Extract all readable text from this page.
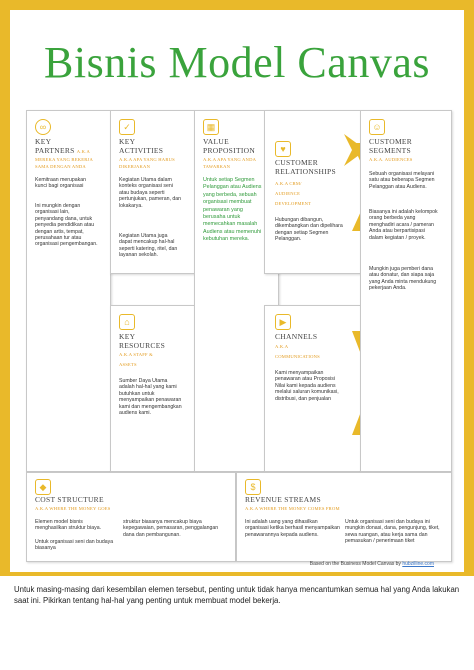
Bisnis Model Canvas
∞
KEY
PARTNERS A.K.A
MEREKA YANG BEKERJA SAMA DENGAN ANDA
Kemitraan merupakan kunci bagi organisasi
Ini mungkin dengan organisasi lain, penyandang dana, untuk penyedia pendidikan atau dengan artis, tempat, perusahaan tur atau organisasi pengembangan.
✓
KEY
ACTIVITIES
A.K.A APA YANG HARUS DIKERJAKAN
Kegiatan Utama dalam konteks organisasi seni atau budaya seperti pertunjukan, pameran, dan lokakarya.
Kegiatan Utama juga dapat mencakup hal-hal seperti katering, ritel, dan layanan sekolah.
⌂
KEY
RESOURCES
A.K.A STAFF &
ASSETS
Sumber Daya Utama adalah hal-hal yang kami butuhkan untuk menyampaikan penawaran kami dan mengembangkan audiens kami.
▦
VALUE
PROPOSITION
A.K.A APA YANG ANDA TAWARKAN
Untuk setiap Segmen Pelanggan atau Audiens yang berbeda, sebuah organisasi membuat penawaran yang berusaha untuk memecahkan masalah Audiens atau memenuhi kebutuhan mereka.
♥
CUSTOMER
RELATIONSHIPS
A.K.A CRM/
AUDIENCE
DEVELOPMENT
Hubungan dibangun, dikembangkan dan dipelihara dengan setiap Segmen Pelanggan.
▶
CHANNELS
A.K.A
COMMUNICATIONS
Kami menyampaikan penawaran atau Proposisi Nilai kami kepada audiens melalui saluran komunikasi, distribusi, dan penjualan
☺
CUSTOMER
SEGMENTS
A.K.A. AUDIENCES
Sebuah organisasi melayani satu atau beberapa Segmen Pelanggan atau Audiens.
Biasanya ini adalah kelompok orang berbeda yang menghadiri acara / pameran Anda atau berpartisipasi dalam kegiatan / proyek.
Mungkin juga pemberi dana atau donatur, dan siapa saja yang Anda minta mendukung pekerjaan Anda.
◆
COST STRUCTURE
A.K.A WHERE THE MONEY GOES
Elemen model bisnis menghasilkan struktur biaya.
Untuk organisasi seni dan budaya biasanya
struktur biasanya mencakup biaya kepegawaian, pemasaran, penggalangan dana dan pembangunan.
$
REVENUE STREAMS
A.K.A WHERE THE MONEY COMES FROM
Ini adalah uang yang dihasilkan organisasi ketika berhasil menyampaikan penawarannya kepada audiens.
Untuk organisasi seni dan budaya ini mungkin donasi, dana, pengunjung, tiket, sewa ruangan, atau kerja sama dan pemasukan / penerimaan tiket
Based on the Business Model Canvas by hubzilline.com
Untuk masing-masing dari kesembilan elemen tersebut, penting untuk tidak hanya mencantumkan semua hal yang Anda lakukan saat ini. Pikirkan tentang hal-hal yang penting untuk membuat model bekerja.
